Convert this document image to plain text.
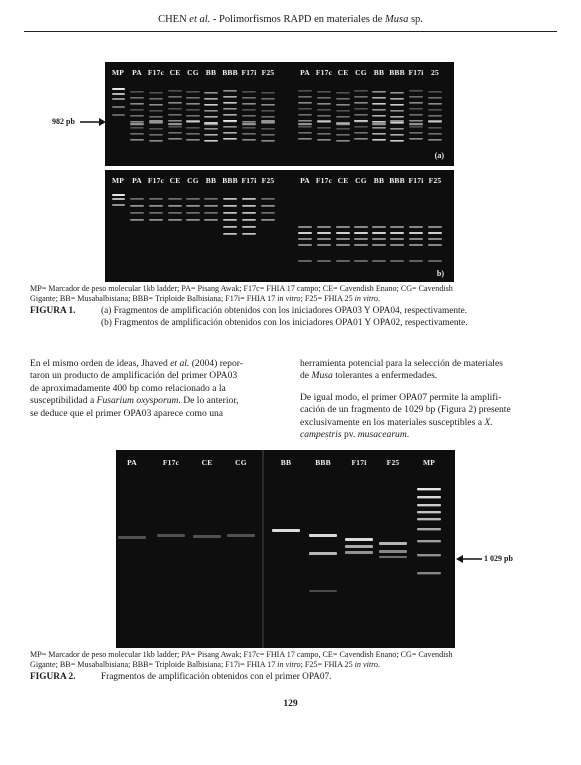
CHEN et al. - Polimorfismos RAPD en materiales de Musa sp.
MP PA F17c CE CG BB BBB F17i F25	PA F17c CE CG BB BBB F17i 25
(a)
982 pb
MP PA F17c CE CG BB BBB F17i F25	PA F17c CE CG BB BBB F17i F25
b)
MP= Marcador de peso molecular 1kb ladder; PA= Pisang Awak; F17c= FHIA 17 campo; CE= Cavendish Enano; CG= Cavendish
Gigante; BB= Musabalbisiana; BBB= Triploide Balbisiana; F17i= FHIA 17 in vitro; F25= FHIA 25 in vitro.
FIGURA 1.	(a) Fragmentos de amplificación obtenidos con los iniciadores OPA03 Y OPA04, respectivamente.
(b) Fragmentos de amplificación obtenidos con los iniciadores OPA01 Y OPA02, respectivamente.
En el mismo orden de ideas, Jhaved et al. (2004) repor-
taron un producto de amplificación del primer OPA03
de aproximadamente 400 bp como relacionado a la
susceptibilidad a Fusarium oxysporum. De lo anterior,
se deduce que el primer OPA03 aparece como una
herramienta potencial para la selección de materiales
de Musa tolerantes a enfermedades.
De igual modo, el primer OPA07 permite la amplifi-
cación de un fragmento de 1029 bp (Figura 2) presente
exclusivamente en los materiales susceptibles a X.
campestris pv. musacearum.
PA	F17c	CE	CG	BB	BBB	F17i	F25	MP
1 029 pb
MP= Marcador de peso molecular 1kb ladder; PA= Pisang Awak; F17c= FHIA 17 campo, CE= Cavendish Enano; CG= Cavendish
Gigante; BB= Musabalbisiana; BBB= Triploide Balbisiana; F17i= FHIA 17 in vitro; F25= FHIA 25 in vitro.
FIGURA 2.	Fragmentos de amplificación obtenidos con el primer OPA07.
129
